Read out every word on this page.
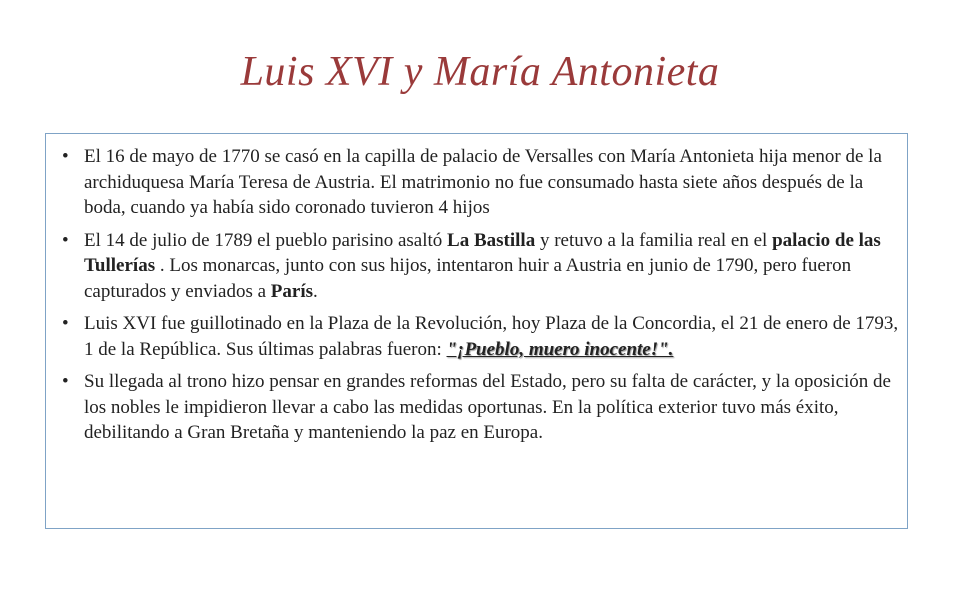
Luis XVI y María Antonieta
• El 16 de mayo de 1770 se casó en la capilla de palacio de Versalles con María Antonieta hija menor de la archiduquesa María Teresa de Austria. El matrimonio no fue consumado hasta siete años después de la boda, cuando ya había sido coronado tuvieron 4 hijos
• El 14 de julio de 1789 el pueblo parisino asaltó La Bastilla y retuvo a la familia real en el palacio de las Tullerías . Los monarcas, junto con sus hijos, intentaron huir a Austria en junio de 1790, pero fueron capturados y enviados a París.
• Luis XVI fue guillotinado en la Plaza de la Revolución, hoy Plaza de la Concordia, el 21 de enero de 1793, 1 de la República. Sus últimas palabras fueron: "¡Pueblo, muero inocente!".
• Su llegada al trono hizo pensar en grandes reformas del Estado, pero su falta de carácter, y la oposición de los nobles le impidieron llevar a cabo las medidas oportunas. En la política exterior tuvo más éxito, debilitando a Gran Bretaña y manteniendo la paz en Europa.
